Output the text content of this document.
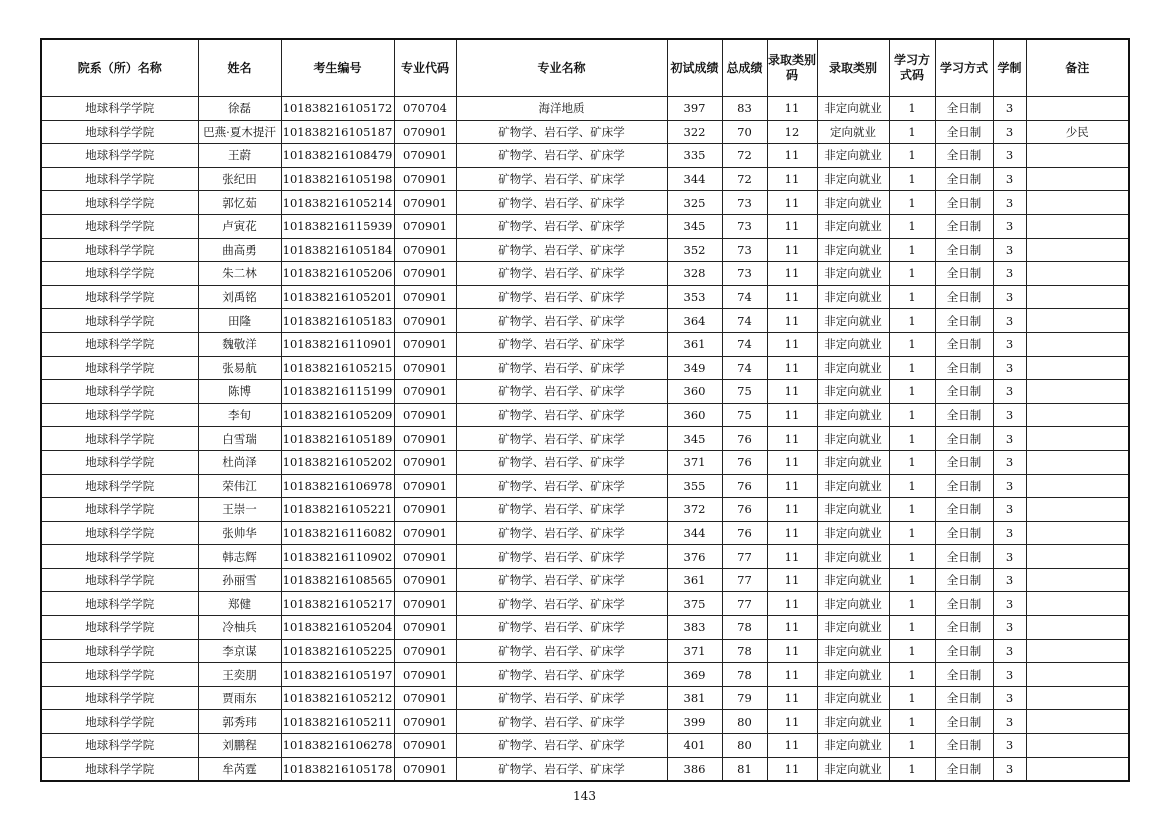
院系（所）名称	姓名	考生编号	专业代码	专业名称	初试成绩	总成绩	录取类别码	录取类别	学习方式码	学习方式	学制	备注
地球科学学院	徐磊	101838216105172	070704	海洋地质	397	83	11	非定向就业	1	全日制	3	
地球科学学院	巴燕·夏木提汗	101838216105187	070901	矿物学、岩石学、矿床学	322	70	12	定向就业	1	全日制	3	少民
地球科学学院	王蔚	101838216108479	070901	矿物学、岩石学、矿床学	335	72	11	非定向就业	1	全日制	3	
地球科学学院	张纪田	101838216105198	070901	矿物学、岩石学、矿床学	344	72	11	非定向就业	1	全日制	3	
地球科学学院	郭忆茹	101838216105214	070901	矿物学、岩石学、矿床学	325	73	11	非定向就业	1	全日制	3	
地球科学学院	卢寅花	101838216115939	070901	矿物学、岩石学、矿床学	345	73	11	非定向就业	1	全日制	3	
地球科学学院	曲高勇	101838216105184	070901	矿物学、岩石学、矿床学	352	73	11	非定向就业	1	全日制	3	
地球科学学院	朱二林	101838216105206	070901	矿物学、岩石学、矿床学	328	73	11	非定向就业	1	全日制	3	
地球科学学院	刘禹铭	101838216105201	070901	矿物学、岩石学、矿床学	353	74	11	非定向就业	1	全日制	3	
地球科学学院	田隆	101838216105183	070901	矿物学、岩石学、矿床学	364	74	11	非定向就业	1	全日制	3	
地球科学学院	魏敬洋	101838216110901	070901	矿物学、岩石学、矿床学	361	74	11	非定向就业	1	全日制	3	
地球科学学院	张易航	101838216105215	070901	矿物学、岩石学、矿床学	349	74	11	非定向就业	1	全日制	3	
地球科学学院	陈博	101838216115199	070901	矿物学、岩石学、矿床学	360	75	11	非定向就业	1	全日制	3	
地球科学学院	李旬	101838216105209	070901	矿物学、岩石学、矿床学	360	75	11	非定向就业	1	全日制	3	
地球科学学院	白雪瑞	101838216105189	070901	矿物学、岩石学、矿床学	345	76	11	非定向就业	1	全日制	3	
地球科学学院	杜尚泽	101838216105202	070901	矿物学、岩石学、矿床学	371	76	11	非定向就业	1	全日制	3	
地球科学学院	荣伟江	101838216106978	070901	矿物学、岩石学、矿床学	355	76	11	非定向就业	1	全日制	3	
地球科学学院	王崇一	101838216105221	070901	矿物学、岩石学、矿床学	372	76	11	非定向就业	1	全日制	3	
地球科学学院	张帅华	101838216116082	070901	矿物学、岩石学、矿床学	344	76	11	非定向就业	1	全日制	3	
地球科学学院	韩志辉	101838216110902	070901	矿物学、岩石学、矿床学	376	77	11	非定向就业	1	全日制	3	
地球科学学院	孙丽雪	101838216108565	070901	矿物学、岩石学、矿床学	361	77	11	非定向就业	1	全日制	3	
地球科学学院	郑健	101838216105217	070901	矿物学、岩石学、矿床学	375	77	11	非定向就业	1	全日制	3	
地球科学学院	冷柚兵	101838216105204	070901	矿物学、岩石学、矿床学	383	78	11	非定向就业	1	全日制	3	
地球科学学院	李京谋	101838216105225	070901	矿物学、岩石学、矿床学	371	78	11	非定向就业	1	全日制	3	
地球科学学院	王奕朋	101838216105197	070901	矿物学、岩石学、矿床学	369	78	11	非定向就业	1	全日制	3	
地球科学学院	贾雨东	101838216105212	070901	矿物学、岩石学、矿床学	381	79	11	非定向就业	1	全日制	3	
地球科学学院	郭秀玮	101838216105211	070901	矿物学、岩石学、矿床学	399	80	11	非定向就业	1	全日制	3	
地球科学学院	刘鹏程	101838216106278	070901	矿物学、岩石学、矿床学	401	80	11	非定向就业	1	全日制	3	
地球科学学院	牟芮霆	101838216105178	070901	矿物学、岩石学、矿床学	386	81	11	非定向就业	1	全日制	3	
143
